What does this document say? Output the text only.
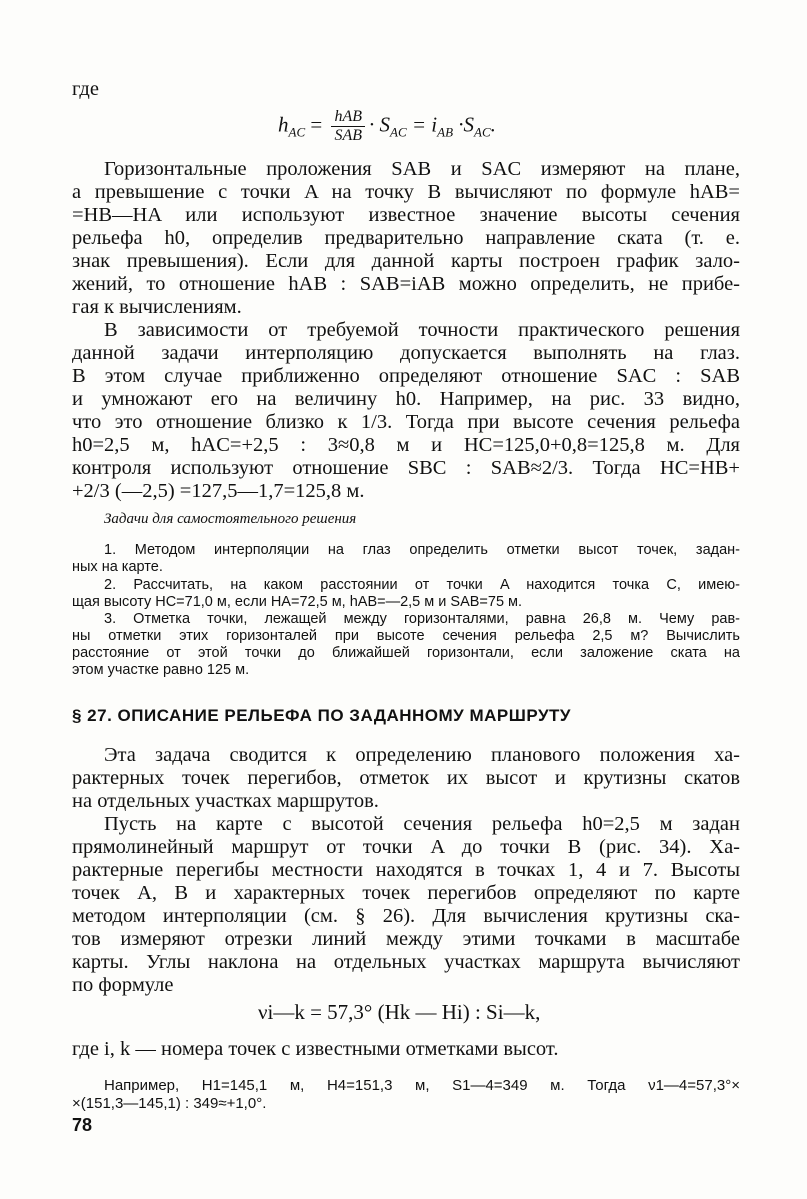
где
$h_{AC} = \frac{\text{hAB}}{\text{SAB}} \cdot S_{AC} = i_{AB} \cdot S_{AC}$.
Горизонтальные проложения SAB и SAC измеряют на плане,
а превышение с точки A на точку B вычисляют по формуле hAB=
=HB—HA или используют известное значение высоты сечения
рельефа h0, определив предварительно направление ската (т. е.
знак превышения). Если для данной карты построен график зало-
жений, то отношение hAB : SAB=iAB можно определить, не прибе-
гая к вычислениям.
В зависимости от требуемой точности практического решения
данной задачи интерполяцию допускается выполнять на глаз.
В этом случае приближенно определяют отношение SAC : SAB
и умножают его на величину h0. Например, на рис. 33 видно,
что это отношение близко к 1/3. Тогда при высоте сечения рельефа
h0=2,5 м, hAC=+2,5 : 3≈0,8 м и HC=125,0+0,8=125,8 м. Для
контроля используют отношение SBC : SAB≈2/3. Тогда HC=HB+
+2/3 (—2,5) =127,5—1,7=125,8 м.
Задачи для самостоятельного решения
1. Методом интерполяции на глаз определить отметки высот точек, задан-
ных на карте.
2. Рассчитать, на каком расстоянии от точки A находится точка C, имею-
щая высоту HC=71,0 м, если HA=72,5 м, hAB=—2,5 м и SAB=75 м.
3. Отметка точки, лежащей между горизонталями, равна 26,8 м. Чему рав-
ны отметки этих горизонталей при высоте сечения рельефа 2,5 м? Вычислить
расстояние от этой точки до ближайшей горизонтали, если заложение ската на
этом участке равно 125 м.
§ 27. ОПИСАНИЕ РЕЛЬЕФА ПО ЗАДАННОМУ МАРШРУТУ
Эта задача сводится к определению планового положения ха-
рактерных точек перегибов, отметок их высот и крутизны скатов
на отдельных участках маршрутов.
Пусть на карте с высотой сечения рельефа h0=2,5 м задан
прямолинейный маршрут от точки A до точки B (рис. 34). Ха-
рактерные перегибы местности находятся в точках 1, 4 и 7. Высоты
точек A, B и характерных точек перегибов определяют по карте
методом интерполяции (см. § 26). Для вычисления крутизны ска-
тов измеряют отрезки линий между этими точками в масштабе
карты. Углы наклона на отдельных участках маршрута вычисляют
по формуле
νi—k = 57,3° (Hk — Hi) : Si—k,
где i, k — номера точек с известными отметками высот.
Например, H1=145,1 м, H4=151,3 м, S1—4=349 м. Тогда ν1—4=57,3°×
×(151,3—145,1) : 349≈+1,0°.
78
